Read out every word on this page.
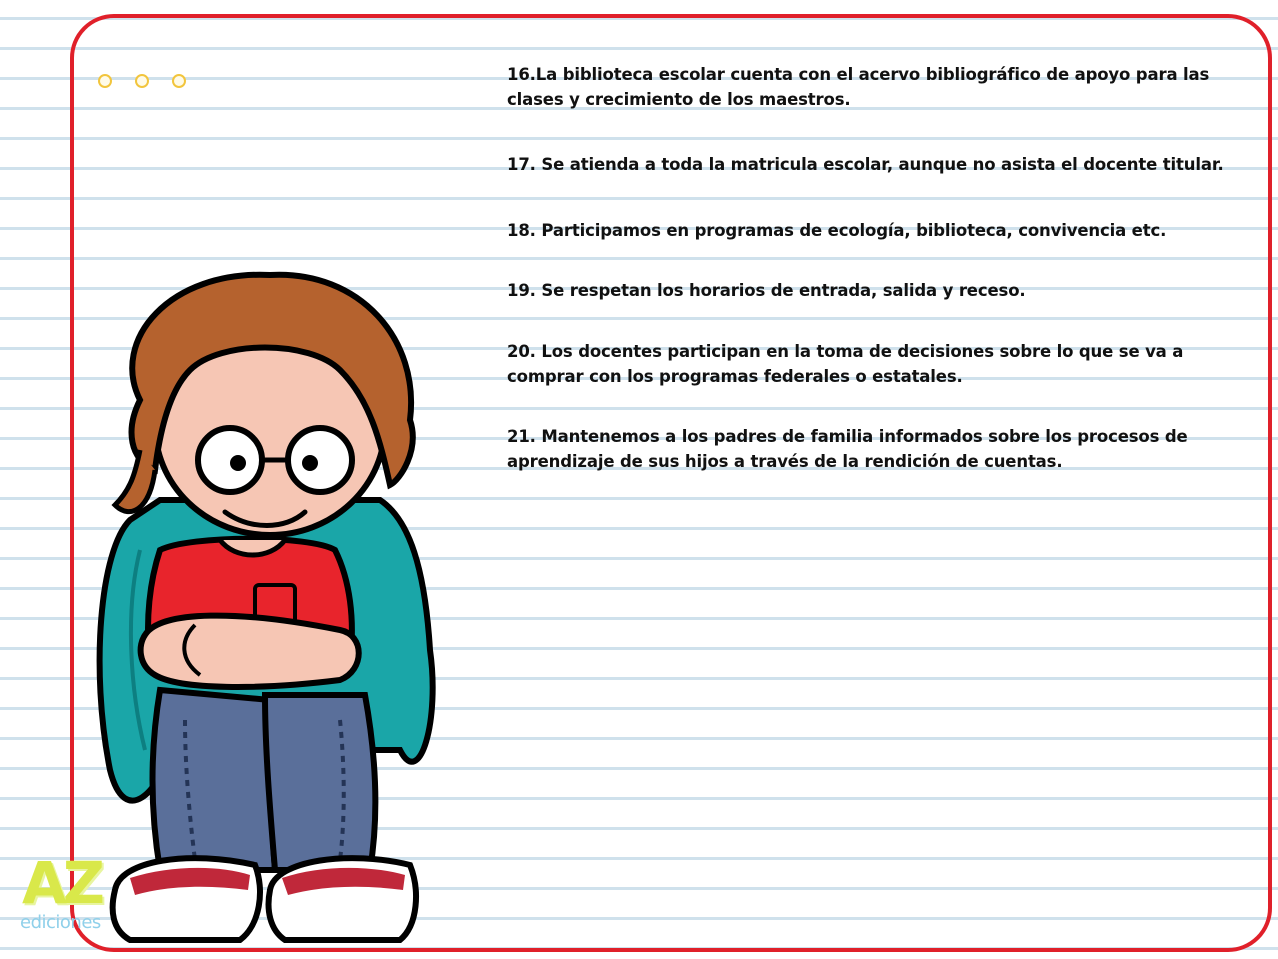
16.La biblioteca escolar cuenta con el acervo bibliográfico de apoyo para las clases y crecimiento de los maestros.
17. Se atienda a toda la matricula escolar, aunque no asista el docente titular.
18. Participamos en programas de ecología, biblioteca, convivencia etc.
19. Se respetan los horarios de entrada, salida y receso.
20. Los docentes participan en la toma de decisiones sobre lo que se va a comprar con los programas federales o estatales.
21. Mantenemos a los padres de familia informados sobre los procesos de aprendizaje de sus hijos a través de la rendición de cuentas.
AZ
ediciones
